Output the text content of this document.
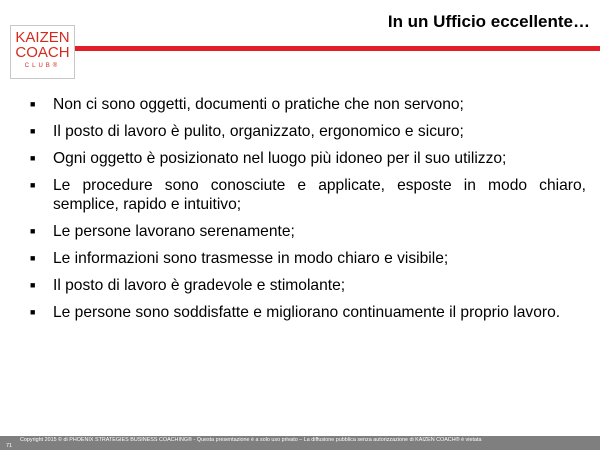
KAIZEN
COACH
CLUB®
In un Ufficio eccellente…
■	Non ci sono oggetti, documenti o pratiche che non servono;
■	Il posto di lavoro è pulito, organizzato, ergonomico e sicuro;
■	Ogni oggetto è posizionato nel luogo più idoneo per il suo utilizzo;
■	Le procedure sono conosciute e applicate, esposte in modo chiaro, semplice, rapido e intuitivo;
■	Le persone lavorano serenamente;
■	Le informazioni sono trasmesse in modo chiaro e visibile;
■	Il posto di lavoro è gradevole e stimolante;
■	Le persone sono soddisfatte e migliorano continuamente il proprio lavoro.
71
Copyright 2015 © di PHOENIX STRATEGIES BUSINESS COACHING® - Questa presentazione è a solo uso privato – La diffusione pubblica senza autorizzazione di KAIZEN COACH® è vietata
